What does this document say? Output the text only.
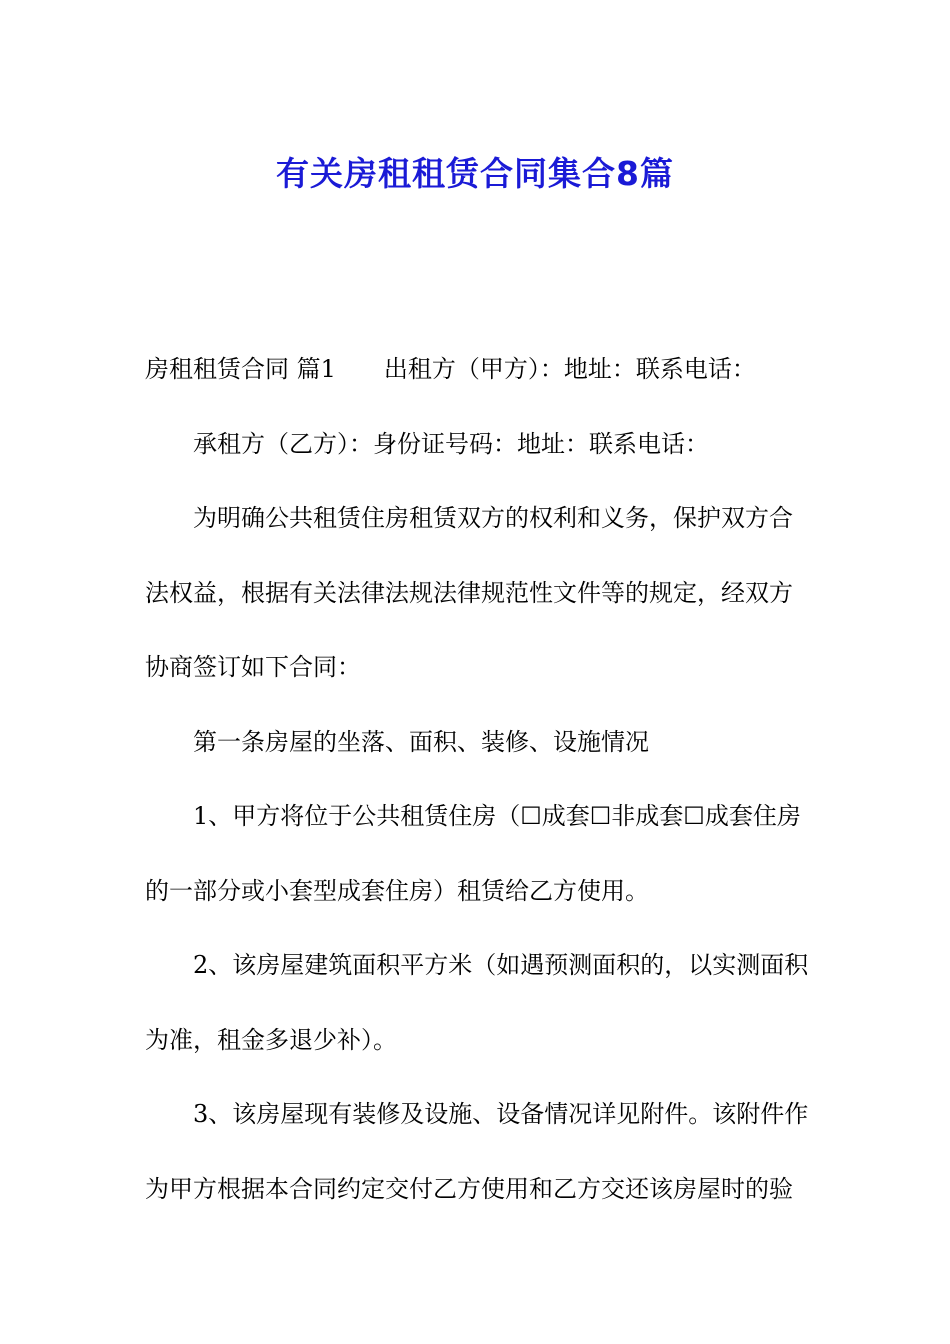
有关房租租赁合同集合8篇

房租租赁合同 篇1 出租方（甲方）：地址：联系电话：

承租方（乙方）：身份证号码：地址：联系电话：

为明确公共租赁住房租赁双方的权利和义务，保护双方合法权益，根据有关法律法规法律规范性文件等的规定，经双方协商签订如下合同：

第一条房屋的坐落、面积、装修、设施情况

1、甲方将位于公共租赁住房（☐成套☐非成套☐成套住房的一部分或小套型成套住房）租赁给乙方使用。

2、该房屋建筑面积平方米（如遇预测面积的，以实测面积为准，租金多退少补）。

3、该房屋现有装修及设施、设备情况详见附件。该附件作为甲方根据本合同约定交付乙方使用和乙方交还该房屋时的验
